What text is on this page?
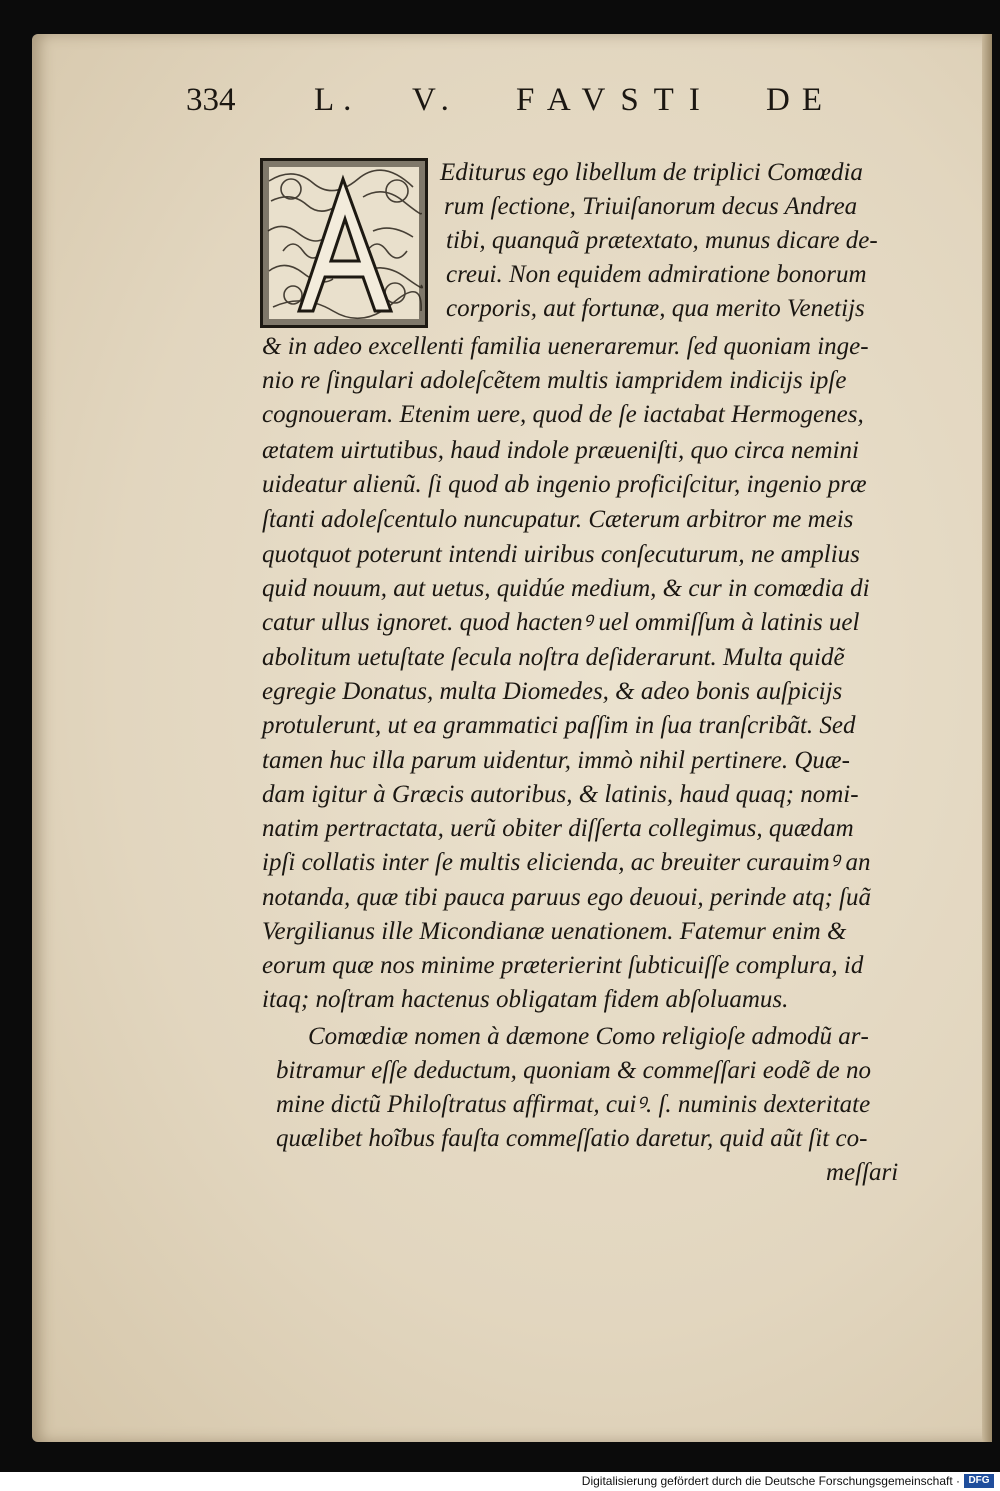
334 L. V. FAVSTI DE
Editurus ego libellum de triplici Comœdia
rum ſectione, Triuiſanorum decus Andrea
tibi, quanquã prætextato, munus dicare de‑
creui. Non equidem admiratione bonorum
corporis, aut fortunæ, qua merito Venetijs
& in adeo excellenti familia ueneraremur. ſed quoniam inge‑
nio re ſingulari adoleſcẽtem multis iampridem indicijs ipſe
cognoueram. Etenim uere, quod de ſe iactabat Hermogenes,
ætatem uirtutibus, haud indole præueniſti, quo circa nemini
uideatur alienũ. ſi quod ab ingenio proficiſcitur, ingenio præ
ſtanti adoleſcentulo nuncupatur. Cæterum arbitror me meis
quotquot poterunt intendi uiribus conſecuturum, ne amplius
quid nouum, aut uetus, quidúe medium, & cur in comœdia di
catur ullus ignoret. quod hactenꝰ uel ommiſſum à latinis uel
abolitum uetuſtate ſecula noſtra deſiderarunt. Multa quidẽ
egregie Donatus, multa Diomedes, & adeo bonis auſpicijs
protulerunt, ut ea grammatici paſſim in ſua tranſcribãt. Sed
tamen huc illa parum uidentur, immò nihil pertinere. Quæ‑
dam igitur à Græcis autoribus, & latinis, haud quaq; nomi‑
natim pertractata, uerũ obiter diſſerta collegimus, quædam
ipſi collatis inter ſe multis elicienda, ac breuiter curauimꝰ an
notanda, quæ tibi pauca paruus ego deuoui, perinde atq; ſuã
Vergilianus ille Micondianæ uenationem. Fatemur enim &
eorum quæ nos minime præterierint ſubticuiſſe complura, id
itaq; noſtram hactenus obligatam fidem abſoluamus.
Comœdiæ nomen à dæmone Como religioſe admodũ ar‑
bitramur eſſe deductum, quoniam & commeſſari eodẽ de no
mine dictũ Philoſtratus affirmat, cuiꝰ. ſ. numinis dexteritate
quælibet hoĩbus fauſta commeſſatio daretur, quid aũt ſit co‑
meſſari
Digitalisierung gefördert durch die Deutsche Forschungsgemeinschaft · DFG
